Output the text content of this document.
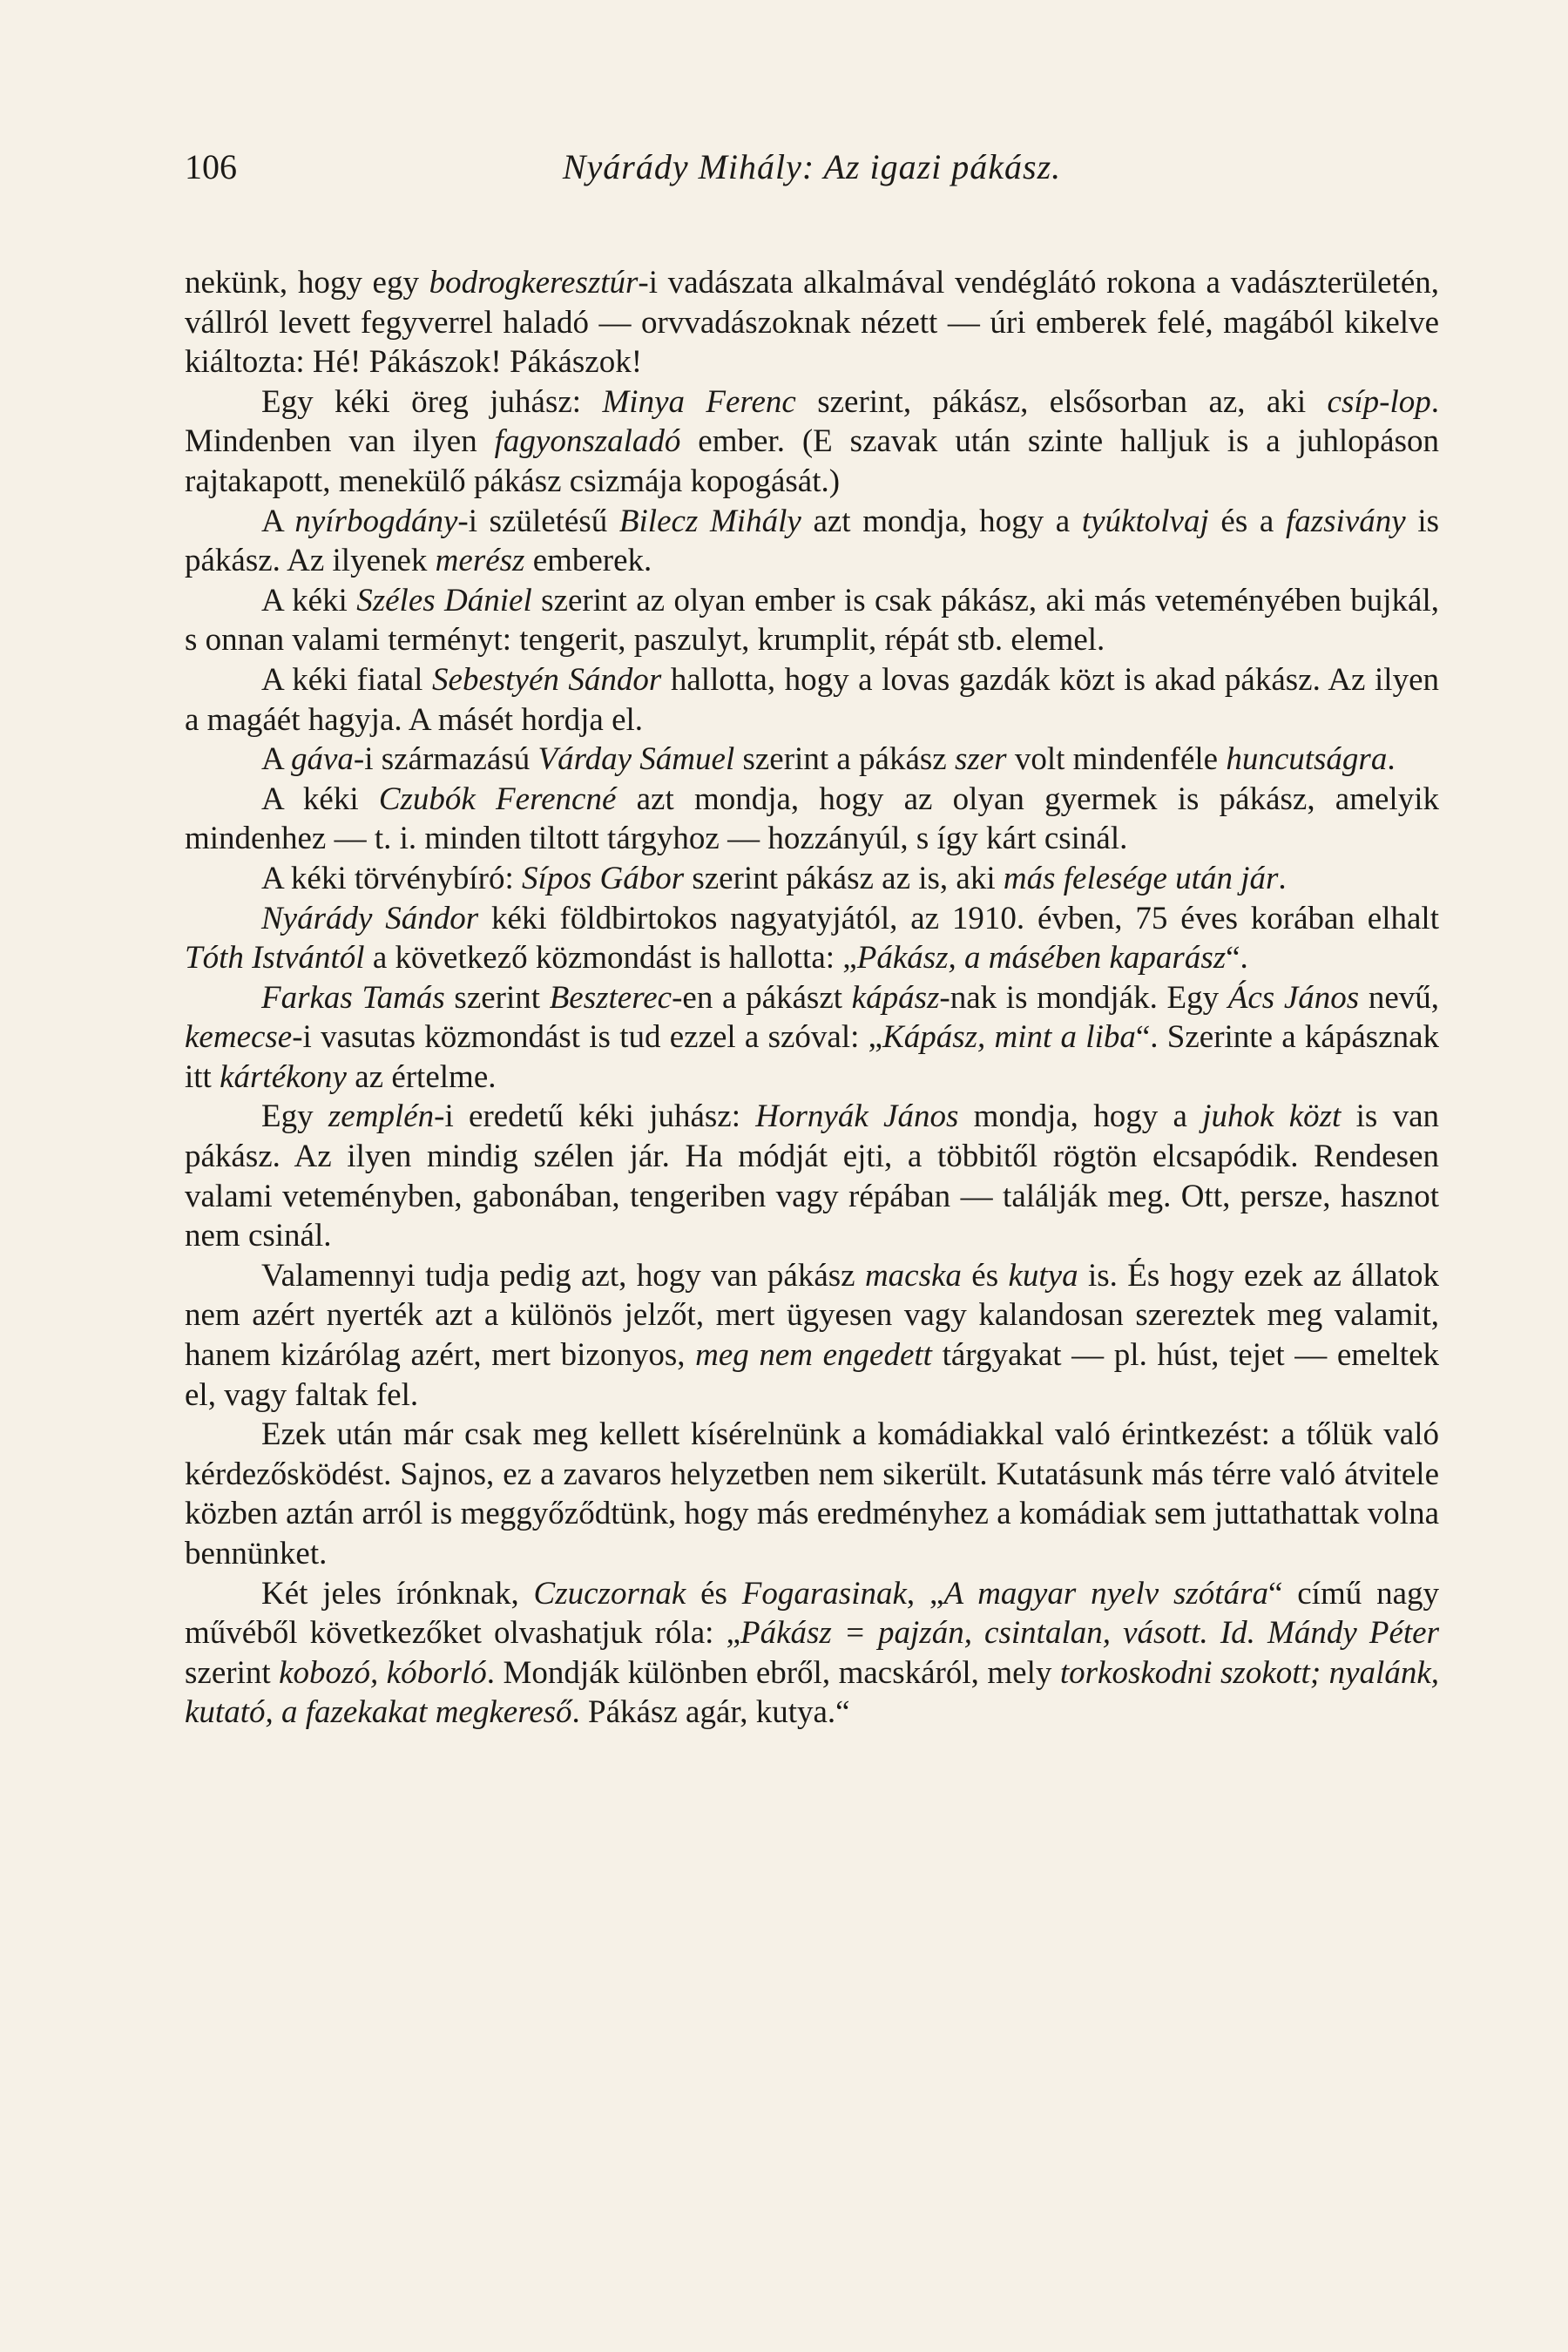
106	Nyárády Mihály: Az igazi pákász.

nekünk, hogy egy bodrogkeresztúr-i vadászata alkalmával vendéglátó rokona a vadászterületén, vállról levett fegyverrel haladó — orvvadászoknak nézett — úri emberek felé, magából kikelve kiáltozta: Hé! Pákászok! Pákászok!

Egy kéki öreg juhász: Minya Ferenc szerint, pákász, elsősorban az, aki csíp-lop. Mindenben van ilyen fagyonszaladó ember. (E szavak után szinte halljuk is a juhlopáson rajtakapott, menekülő pákász csizmája kopogását.)

A nyírbogdány-i születésű Bilecz Mihály azt mondja, hogy a tyúktolvaj és a fazsivány is pákász. Az ilyenek merész emberek.

A kéki Széles Dániel szerint az olyan ember is csak pákász, aki más veteményében bujkál, s onnan valami terményt: tengerit, paszulyt, krumplit, répát stb. elemel.

A kéki fiatal Sebestyén Sándor hallotta, hogy a lovas gazdák közt is akad pákász. Az ilyen a magáét hagyja. A másét hordja el.

A gáva-i származású Várday Sámuel szerint a pákász szer volt mindenféle huncutságra.

A kéki Czubók Ferencné azt mondja, hogy az olyan gyermek is pákász, amelyik mindenhez — t. i. minden tiltott tárgyhoz — hozzányúl, s így kárt csinál.

A kéki törvénybíró: Sípos Gábor szerint pákász az is, aki más felesége után jár.

Nyárády Sándor kéki földbirtokos nagyatyjától, az 1910. évben, 75 éves korában elhalt Tóth Istvántól a következő közmondást is hallotta: „Pákász, a másében kaparász“.

Farkas Tamás szerint Beszterec-en a pákászt kápász-nak is mondják. Egy Ács János nevű, kemecse-i vasutas közmondást is tud ezzel a szóval: „Kápász, mint a liba“. Szerinte a kápásznak itt kártékony az értelme.

Egy zemplén-i eredetű kéki juhász: Hornyák János mondja, hogy a juhok közt is van pákász. Az ilyen mindig szélen jár. Ha módját ejti, a többitől rögtön elcsapódik. Rendesen valami veteményben, gabonában, tengeriben vagy répában — találják meg. Ott, persze, hasznot nem csinál.

Valamennyi tudja pedig azt, hogy van pákász macska és kutya is. És hogy ezek az állatok nem azért nyerték azt a különös jelzőt, mert ügyesen vagy kalandosan szereztek meg valamit, hanem kizárólag azért, mert bizonyos, meg nem engedett tárgyakat — pl. húst, tejet — emeltek el, vagy faltak fel.

Ezek után már csak meg kellett kísérelnünk a komádiakkal való érintkezést: a tőlük való kérdezősködést. Sajnos, ez a zavaros helyzetben nem sikerült. Kutatásunk más térre való átvitele közben aztán arról is meggyőződtünk, hogy más eredményhez a komádiak sem juttathattak volna bennünket.

Két jeles írónknak, Czuczornak és Fogarasinak, „A magyar nyelv szótára“ című nagy művéből következőket olvashatjuk róla: „Pákász = pajzán, csintalan, vásott. Id. Mándy Péter szerint kobozó, kóborló. Mondják különben ebről, macskáról, mely torkoskodni szokott; nyalánk, kutató, a fazekakat megkereső. Pákász agár, kutya.“
